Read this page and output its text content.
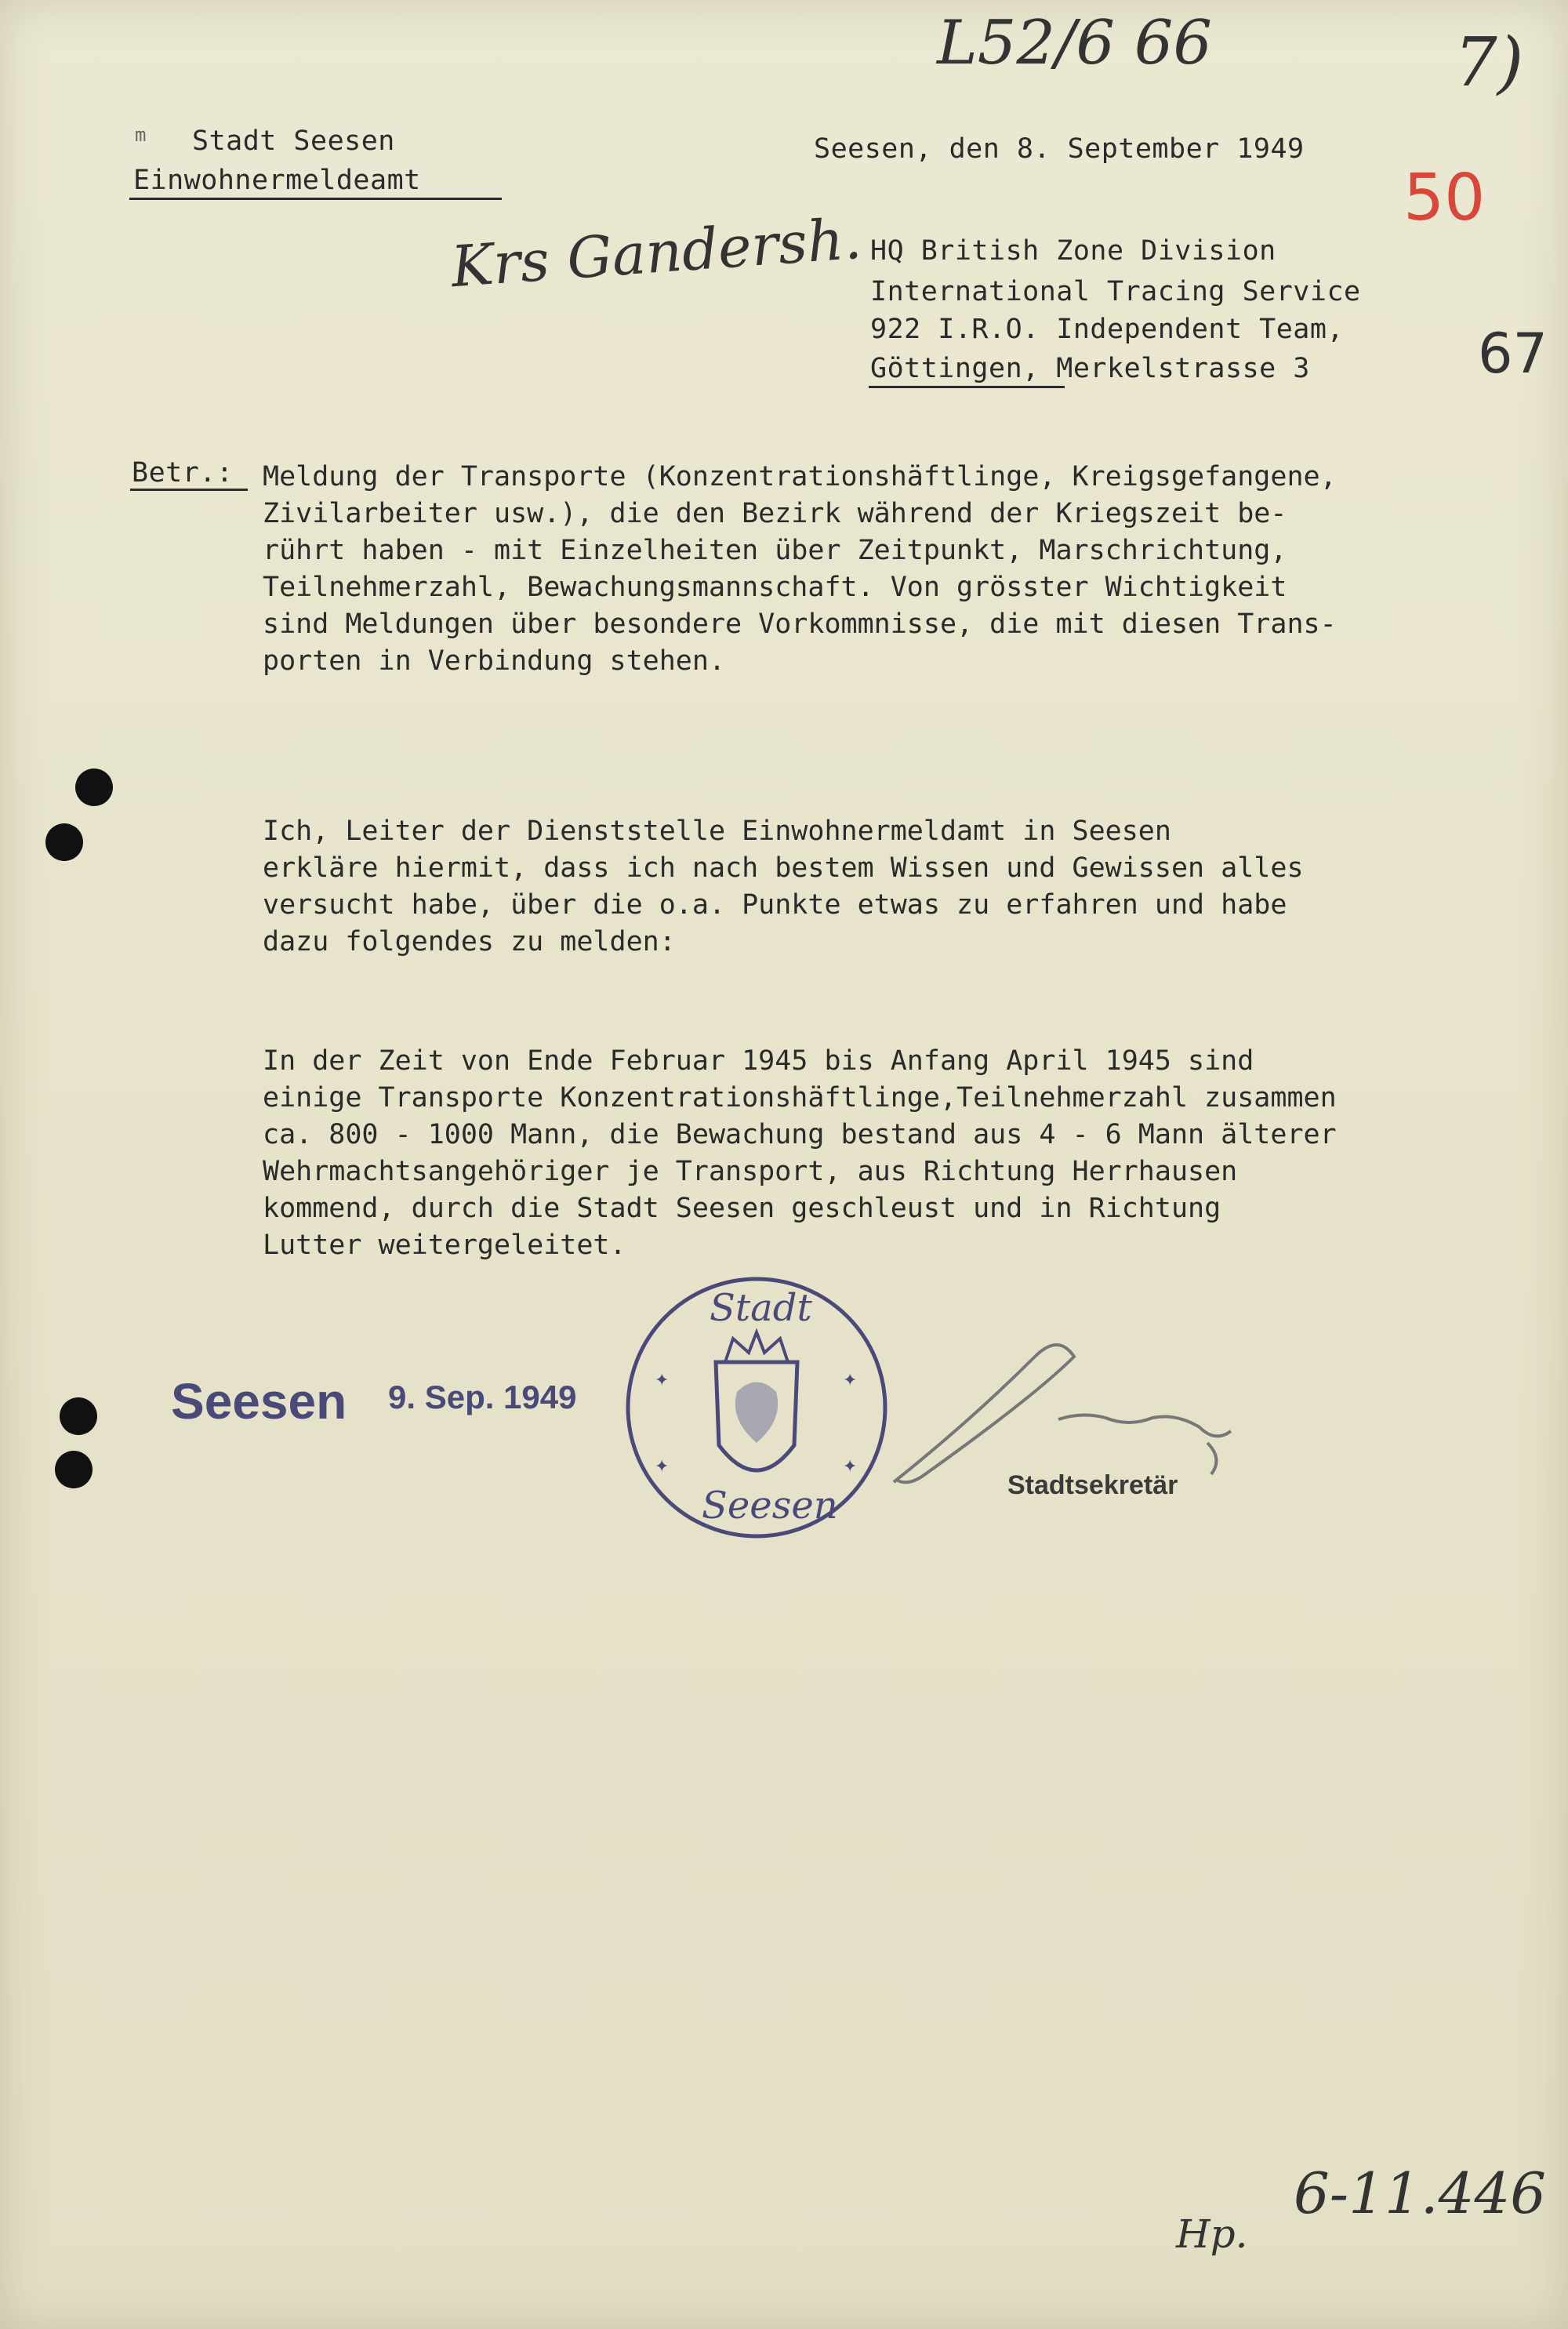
L52/6 66	7)
50
m Stadt Seesen
Einwohnermeldeamt
Seesen, den 8. September 1949
Krs Gandersh. HQ British Zone Division
International Tracing Service
922 I.R.O. Independent Team,
Göttingen, Merkelstrasse 3	67
Betr.: Meldung der Transporte (Konzentrationshäftlinge, Kreigsgefangene,
Zivilarbeiter usw.), die den Bezirk während der Kriegszeit be-
rührt haben - mit Einzelheiten über Zeitpunkt, Marschrichtung,
Teilnehmerzahl, Bewachungsmannschaft. Von grösster Wichtigkeit
sind Meldungen über besondere Vorkommnisse, die mit diesen Trans-
porten in Verbindung stehen.
Ich, Leiter der Dienststelle Einwohnermeldamt in Seesen
erkläre hiermit, dass ich nach bestem Wissen und Gewissen alles
versucht habe, über die o.a. Punkte etwas zu erfahren und habe
dazu folgendes zu melden:
In der Zeit von Ende Februar 1945 bis Anfang April 1945 sind
einige Transporte Konzentrationshäftlinge,Teilnehmerzahl zusammen
ca. 800 - 1000 Mann, die Bewachung bestand aus 4 - 6 Mann älterer
Wehrmachtsangehöriger je Transport, aus Richtung Herrhausen
kommend, durch die Stadt Seesen geschleust und in Richtung
Lutter weitergeleitet.
Seesen 9. Sep. 1949	✦	✦
✦	✦
Stadt
Seesen	Stadtsekretär
6-11.446
Hp.
